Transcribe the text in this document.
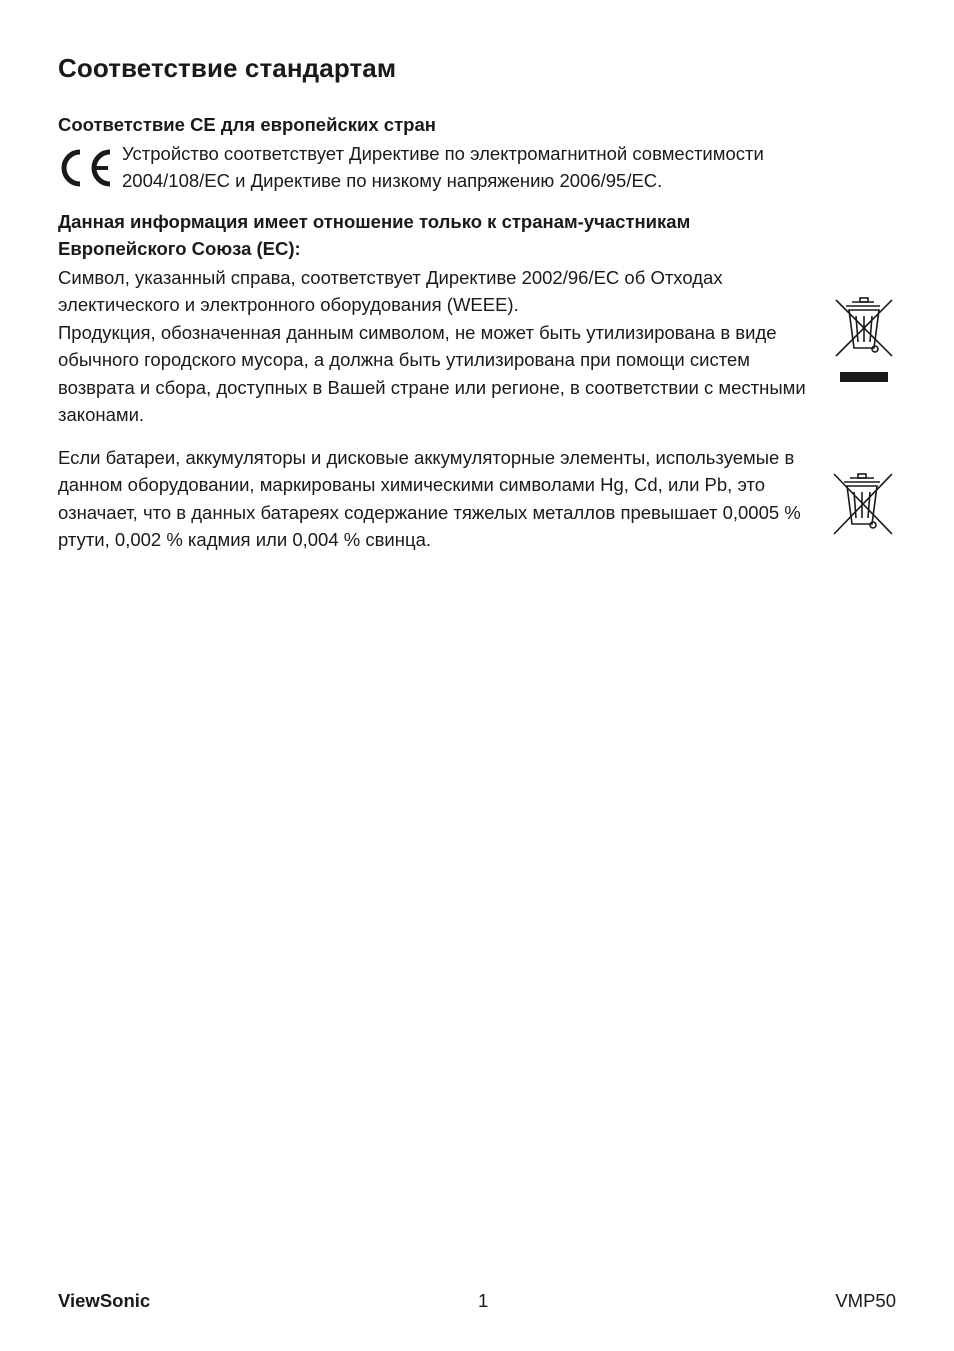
Соответствие стандартам
Соответствие CE для европейских стран

Устройство соответствует Директиве по электромагнитной совместимости 2004/108/EC и Директиве по низкому напряжению 2006/95/EC.

Данная информация имеет отношение только к странам-участникам Европейского Союза (ЕС):

Символ, указанный справа, соответствует Директиве 2002/96/ЕС об Отходах электического и электронного оборудования (WEEE).

Продукция, обозначенная данным символом, не может быть утилизирована в виде обычного городского мусора, а должна быть утилизирована при помощи систем возврата и сбора, доступных в Вашей стране или регионе, в соответствии с местными законами.

Если батареи, аккумуляторы и дисковые аккумуляторные элементы, используемые в данном оборудовании, маркированы химическими символами Hg, Cd, или Pb, это означает, что в данных батареях содержание тяжелых металлов превышает 0,0005 % ртути, 0,002 % кадмия или 0,004 % свинца.

ViewSonic	1	VMP50
